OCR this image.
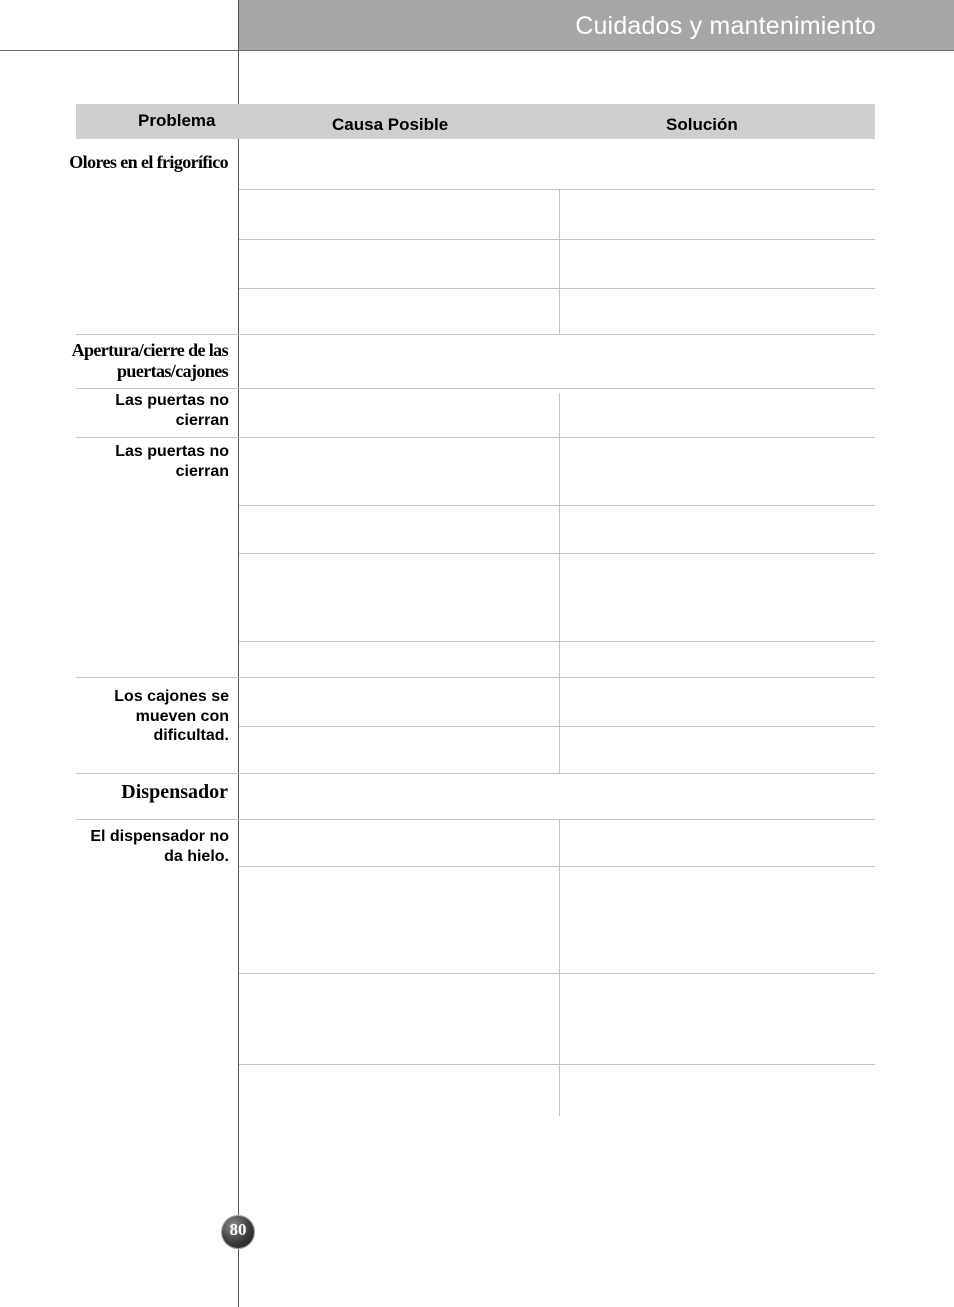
Cuidados y mantenimiento
Problema	Causa Posible	Solución
Olores en el frigorífico
Apertura/cierre de las puertas/cajones
Las puertas no cierran
Las puertas no cierran
Los cajones se mueven con dificultad.
Dispensador
El dispensador no da hielo.
80
